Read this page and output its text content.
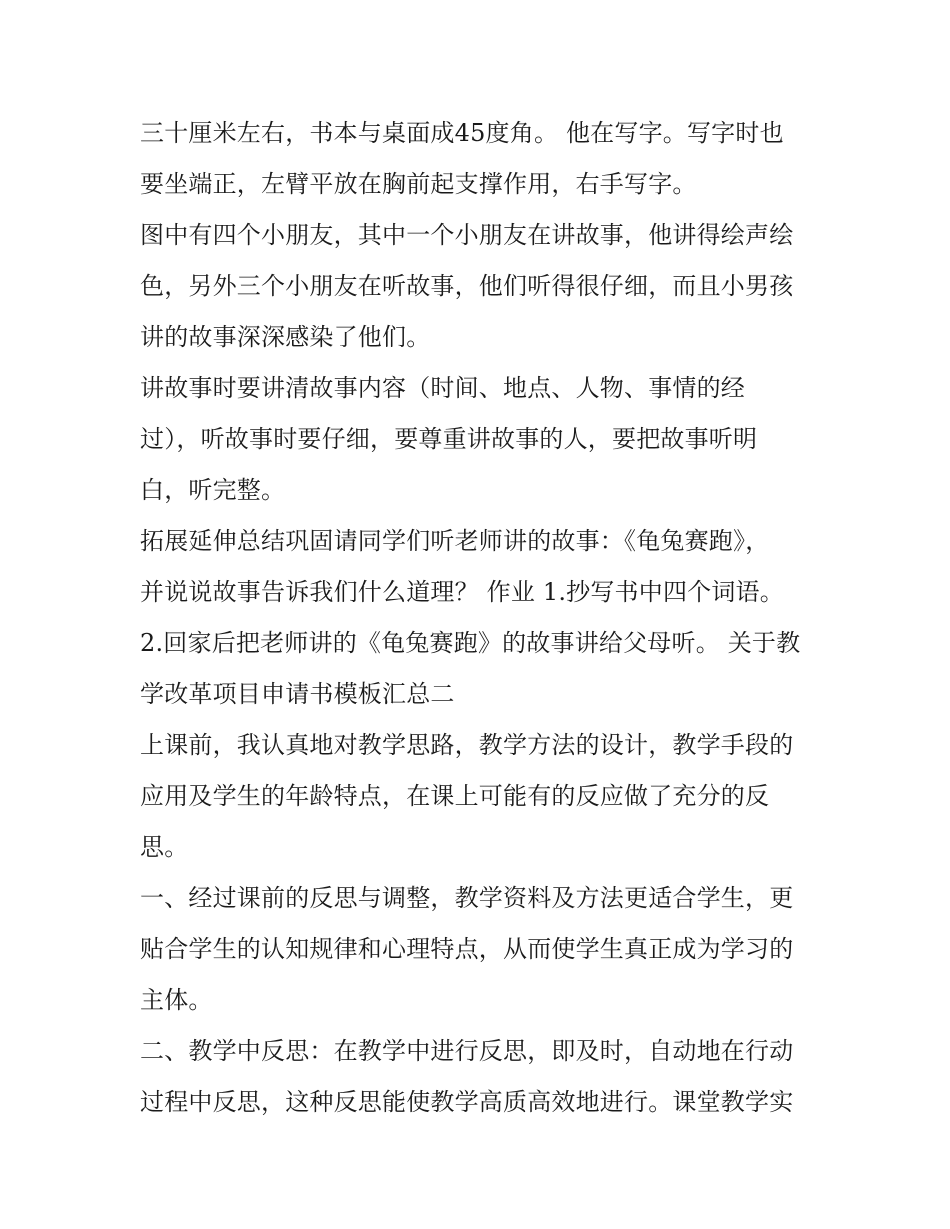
三十厘米左右，书本与桌面成45度角。 他在写字。写字时也
要坐端正，左臂平放在胸前起支撑作用，右手写字。
图中有四个小朋友，其中一个小朋友在讲故事，他讲得绘声绘
色，另外三个小朋友在听故事，他们听得很仔细，而且小男孩
讲的故事深深感染了他们。
讲故事时要讲清故事内容（时间、地点、人物、事情的经
过），听故事时要仔细，要尊重讲故事的人，要把故事听明
白，听完整。
拓展延伸总结巩固请同学们听老师讲的故事：《龟兔赛跑》，
并说说故事告诉我们什么道理？ 作业 1.抄写书中四个词语。
2.回家后把老师讲的《龟兔赛跑》的故事讲给父母听。 关于教
学改革项目申请书模板汇总二
上课前，我认真地对教学思路，教学方法的设计，教学手段的
应用及学生的年龄特点，在课上可能有的反应做了充分的反
思。
一、经过课前的反思与调整，教学资料及方法更适合学生，更
贴合学生的认知规律和心理特点，从而使学生真正成为学习的
主体。
二、教学中反思：在教学中进行反思，即及时，自动地在行动
过程中反思，这种反思能使教学高质高效地进行。课堂教学实
